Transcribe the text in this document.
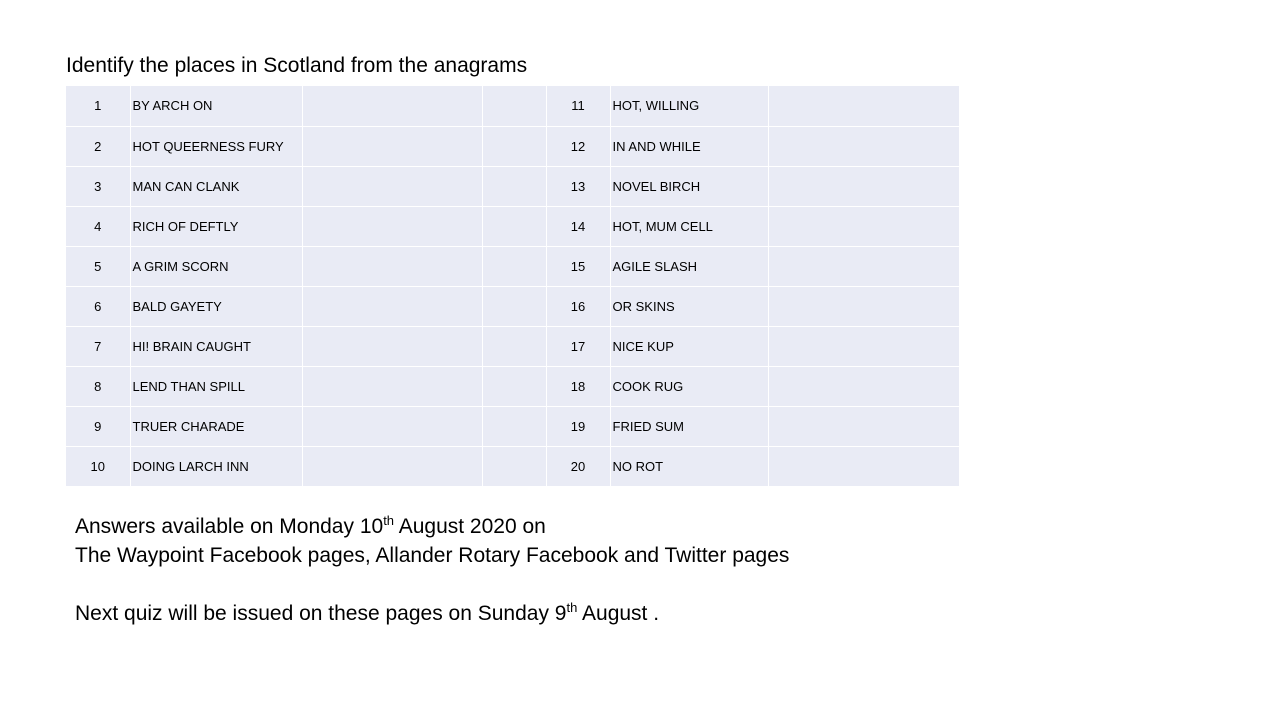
Identify the places in Scotland from the anagrams
1	BY ARCH ON			11	HOT, WILLING	
2	HOT QUEERNESS FURY			12	IN AND WHILE	
3	MAN CAN CLANK			13	NOVEL BIRCH	
4	RICH OF DEFTLY			14	HOT, MUM CELL	
5	A GRIM SCORN			15	AGILE SLASH	
6	BALD GAYETY			16	OR SKINS	
7	HI! BRAIN CAUGHT			17	NICE KUP	
8	LEND THAN SPILL			18	COOK RUG	
9	TRUER CHARADE			19	FRIED SUM	
10	DOING LARCH INN			20	NO ROT	

Answers available on Monday 10th August 2020 on

The Waypoint Facebook pages, Allander Rotary Facebook and Twitter pages

Next quiz will be issued on these pages on Sunday 9th August .
